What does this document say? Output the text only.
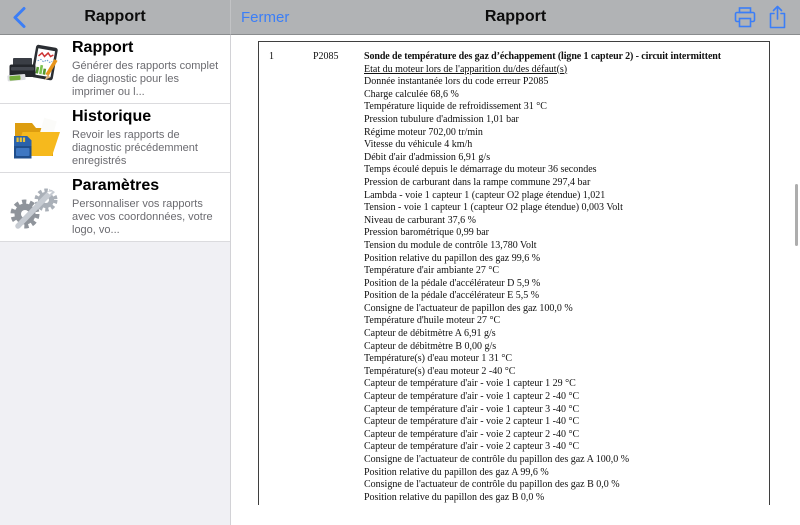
Rapport	Fermer	Rapport
Rapport
Générer des rapports complet de diagnostic pour les imprimer ou l...
Historique
Revoir les rapports de diagnostic précédemment enregistrés
Paramètres
Personnaliser vos rapports avec vos coordonnées, votre logo, vo...
1	P2085	Sonde de température des gaz d’échappement (ligne 1 capteur 2) - circuit intermittent
Etat du moteur lors de l'apparition du/des défaut(s)
Donnée instantanée lors du code erreur P2085
Charge calculée 68,6 %
Température liquide de refroidissement 31 °C
Pression tubulure d'admission 1,01 bar
Régime moteur 702,00 tr/min
Vitesse du véhicule 4 km/h
Débit d'air d'admission 6,91 g/s
Temps écoulé depuis le démarrage du moteur 36 secondes
Pression de carburant dans la rampe commune 297,4 bar
Lambda - voie 1 capteur 1 (capteur O2 plage étendue) 1,021
Tension - voie 1 capteur 1 (capteur O2 plage étendue) 0,003 Volt
Niveau de carburant 37,6 %
Pression barométrique 0,99 bar
Tension du module de contrôle 13,780 Volt
Position relative du papillon des gaz 99,6 %
Température d'air ambiante 27 °C
Position de la pédale d'accélérateur D 5,9 %
Position de la pédale d'accélérateur E 5,5 %
Consigne de l'actuateur de papillon des gaz 100,0 %
Température d'huile moteur 27 °C
Capteur de débitmètre A 6,91 g/s
Capteur de débitmètre B 0,00 g/s
Température(s) d'eau moteur 1 31 °C
Température(s) d'eau moteur 2 -40 °C
Capteur de température d'air - voie 1 capteur 1 29 °C
Capteur de température d'air - voie 1 capteur 2 -40 °C
Capteur de température d'air - voie 1 capteur 3 -40 °C
Capteur de température d'air - voie 2 capteur 1 -40 °C
Capteur de température d'air - voie 2 capteur 2 -40 °C
Capteur de température d'air - voie 2 capteur 3 -40 °C
Consigne de l'actuateur de contrôle du papillon des gaz A 100,0 %
Position relative du papillon des gaz A 99,6 %
Consigne de l'actuateur de contrôle du papillon des gaz B 0,0 %
Position relative du papillon des gaz B 0,0 %
